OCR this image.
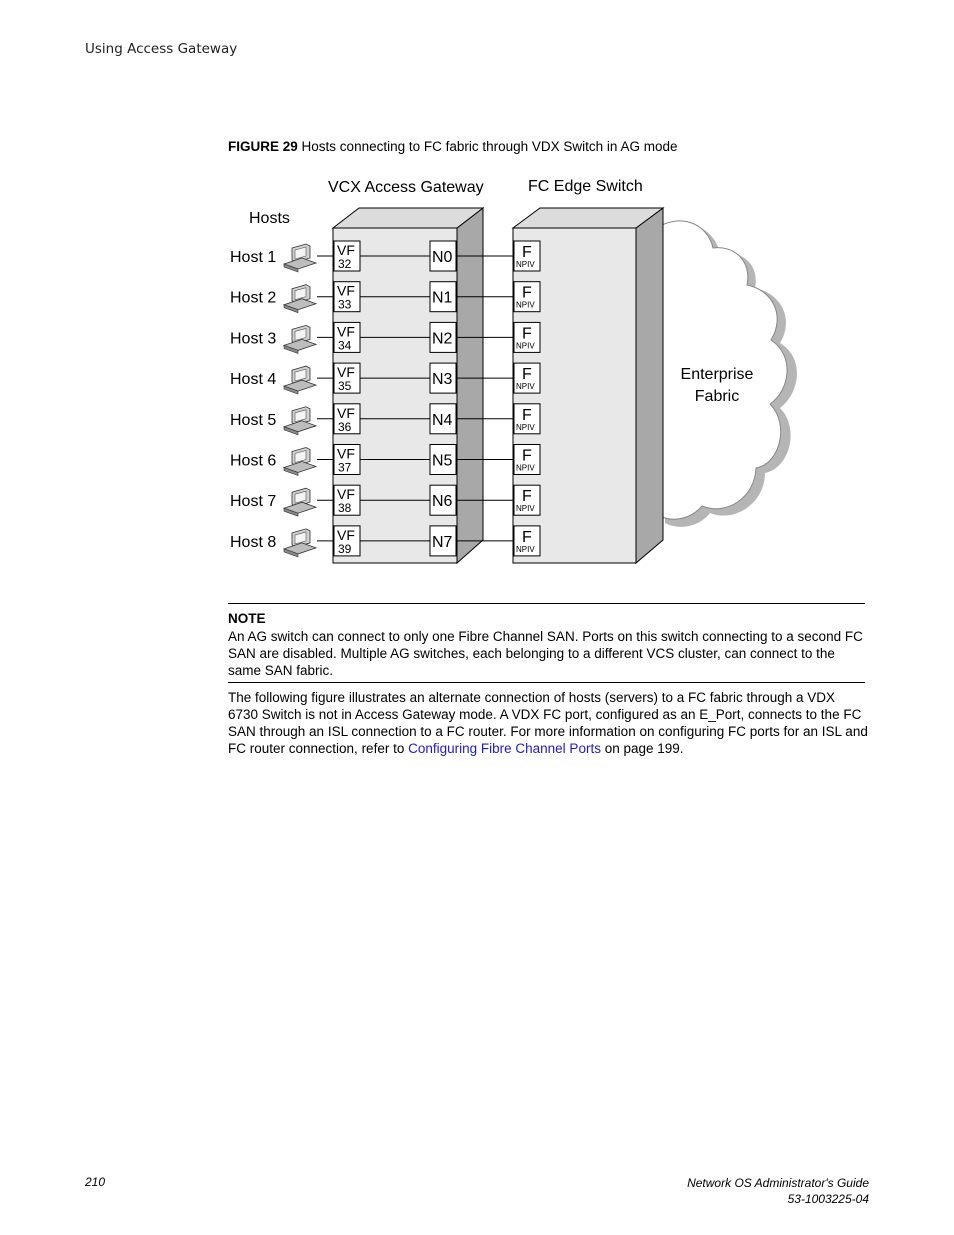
Using Access Gateway
FIGURE 29 Hosts connecting to FC fabric through VDX Switch in AG mode
VCX Access Gateway	FC Edge Switch
Hosts
Enterprise
Fabric
Host 1	VF
32	N0	F
NPIV
Host 2	VF
33	N1	F
NPIV
Host 3	VF
34	N2	F
NPIV
Host 4	VF
35	N3	F
NPIV
Host 5	VF
36	N4	F
NPIV
Host 6	VF
37	N5	F
NPIV
Host 7	VF
38	N6	F
NPIV
Host 8	VF
39	N7	F
NPIV
NOTE
An AG switch can connect to only one Fibre Channel SAN. Ports on this switch connecting to a second FC SAN are disabled. Multiple AG switches, each belonging to a different VCS cluster, can connect to the same SAN fabric.
The following figure illustrates an alternate connection of hosts (servers) to a FC fabric through a VDX 6730 Switch is not in Access Gateway mode. A VDX FC port, configured as an E_Port, connects to the FC SAN through an ISL connection to a FC router. For more information on configuring FC ports for an ISL and FC router connection, refer to Configuring Fibre Channel Ports on page 199.
210	Network OS Administrator's Guide
53-1003225-04
